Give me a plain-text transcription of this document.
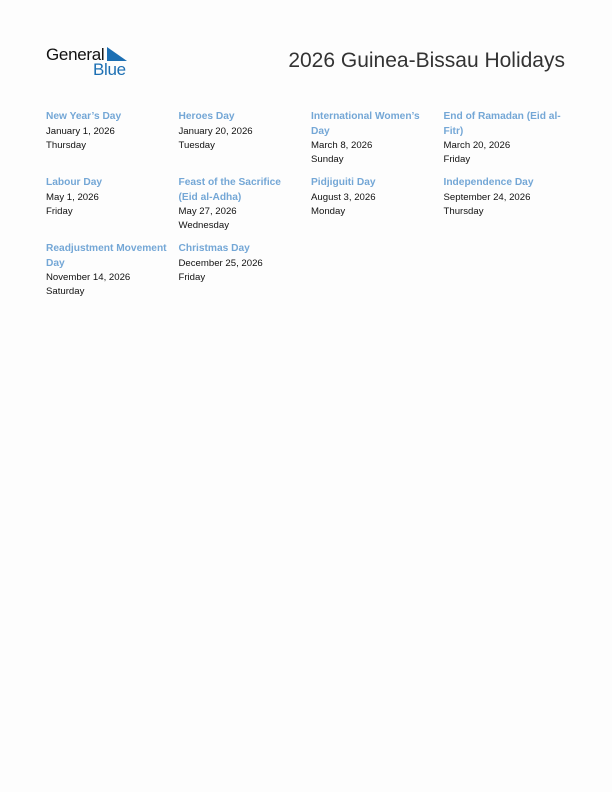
General
Blue	2026 Guinea-Bissau Holidays
New Year’s Day
January 1, 2026
Thursday
Heroes Day
January 20, 2026
Tuesday
International Women’s Day
March 8, 2026
Sunday
End of Ramadan (Eid al-Fitr)
March 20, 2026
Friday
Labour Day
May 1, 2026
Friday
Feast of the Sacrifice (Eid al-Adha)
May 27, 2026
Wednesday
Pidjiguiti Day
August 3, 2026
Monday
Independence Day
September 24, 2026
Thursday
Readjustment Movement Day
November 14, 2026
Saturday
Christmas Day
December 25, 2026
Friday
